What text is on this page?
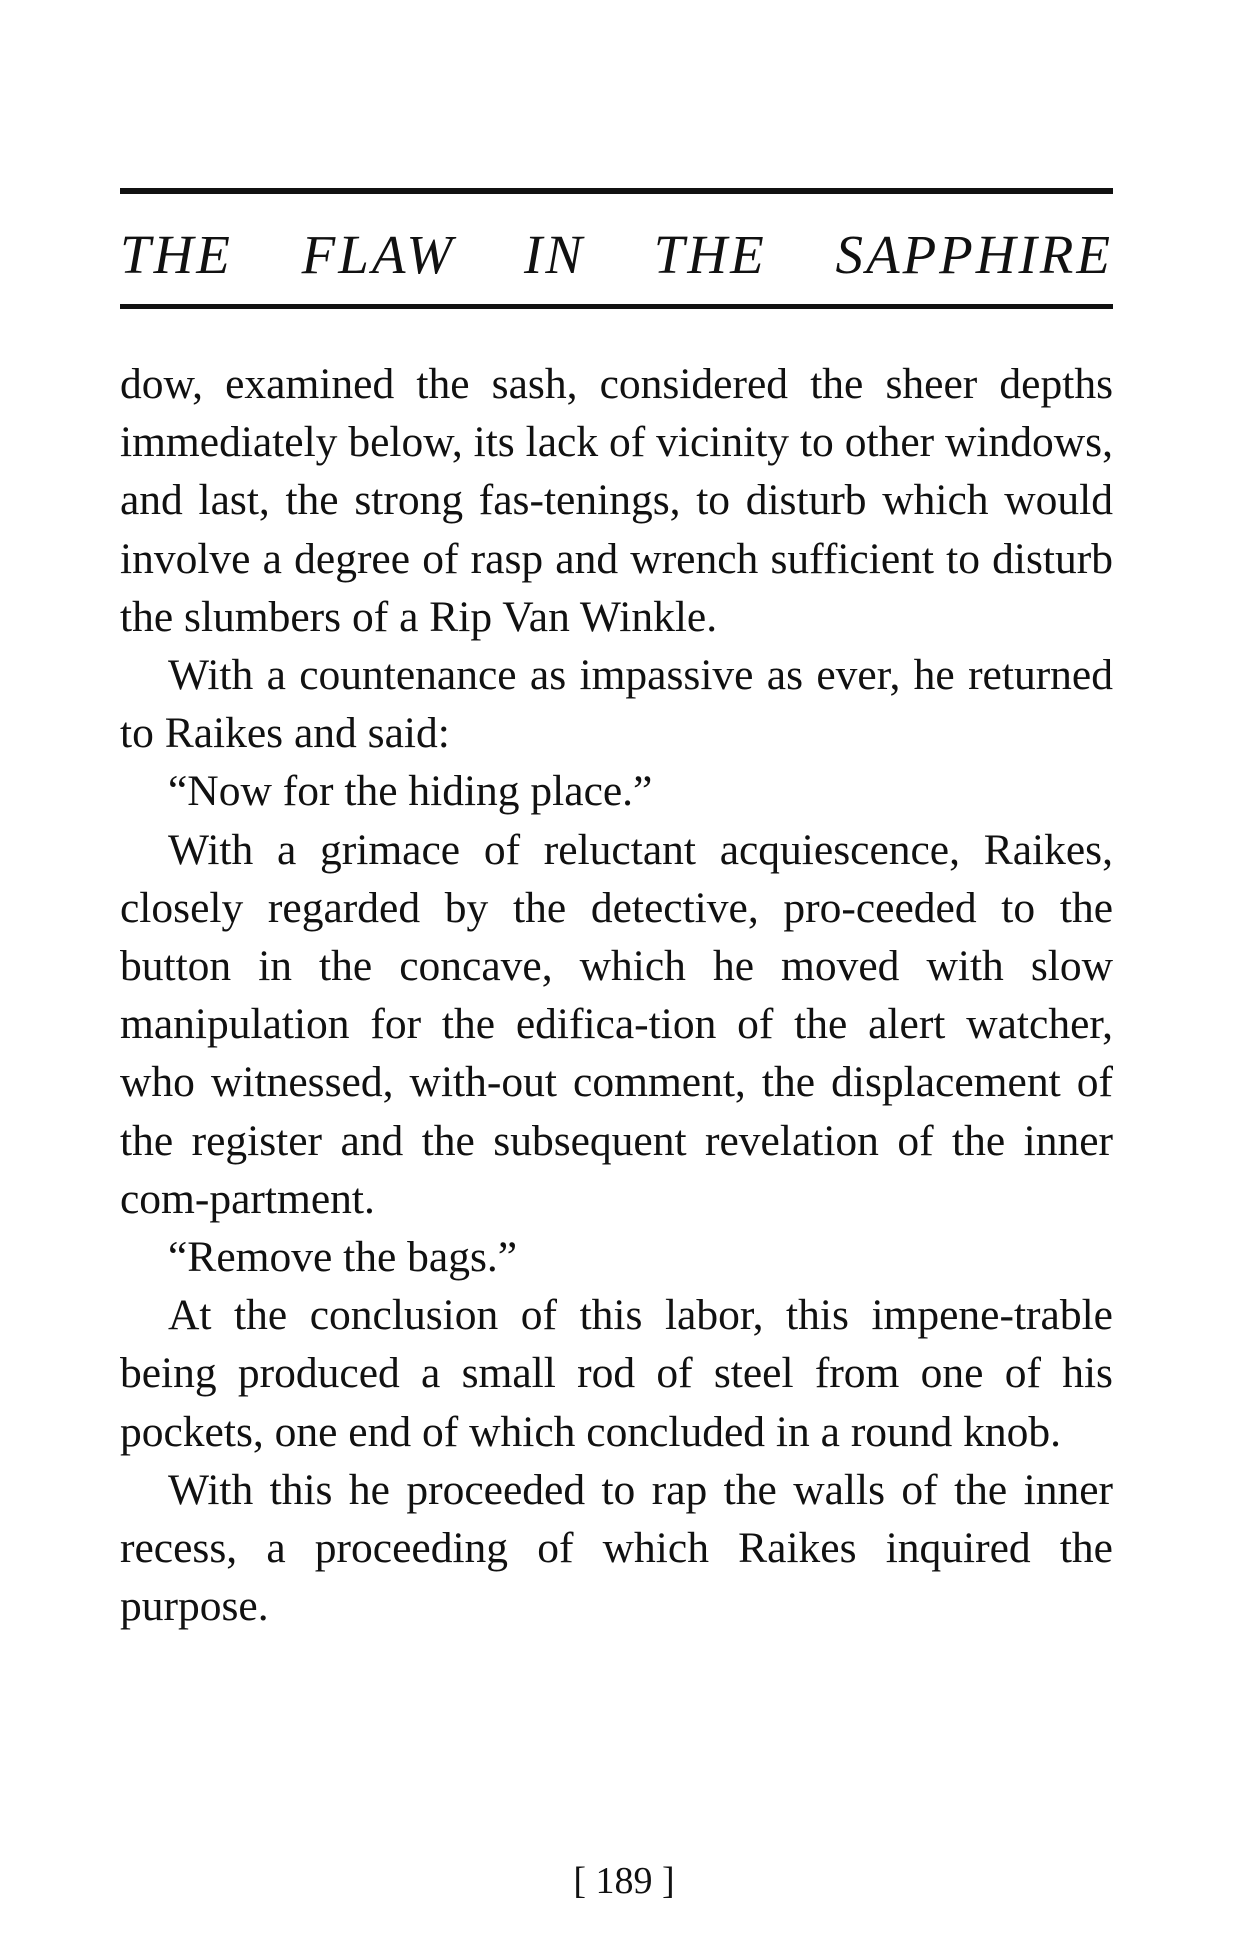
THE FLAW IN THE SAPPHIRE

dow, examined the sash, considered the sheer depths immediately below, its lack of vicinity to other windows, and last, the strong fas-tenings, to disturb which would involve a degree of rasp and wrench sufficient to disturb the slumbers of a Rip Van Winkle.

With a countenance as impassive as ever, he returned to Raikes and said:

“Now for the hiding place.”

With a grimace of reluctant acquiescence, Raikes, closely regarded by the detective, pro-ceeded to the button in the concave, which he moved with slow manipulation for the edifica-tion of the alert watcher, who witnessed, with-out comment, the displacement of the register and the subsequent revelation of the inner com-partment.

“Remove the bags.”

At the conclusion of this labor, this impene-trable being produced a small rod of steel from one of his pockets, one end of which concluded in a round knob.

With this he proceeded to rap the walls of the inner recess, a proceeding of which Raikes inquired the purpose.

[ 189 ]
